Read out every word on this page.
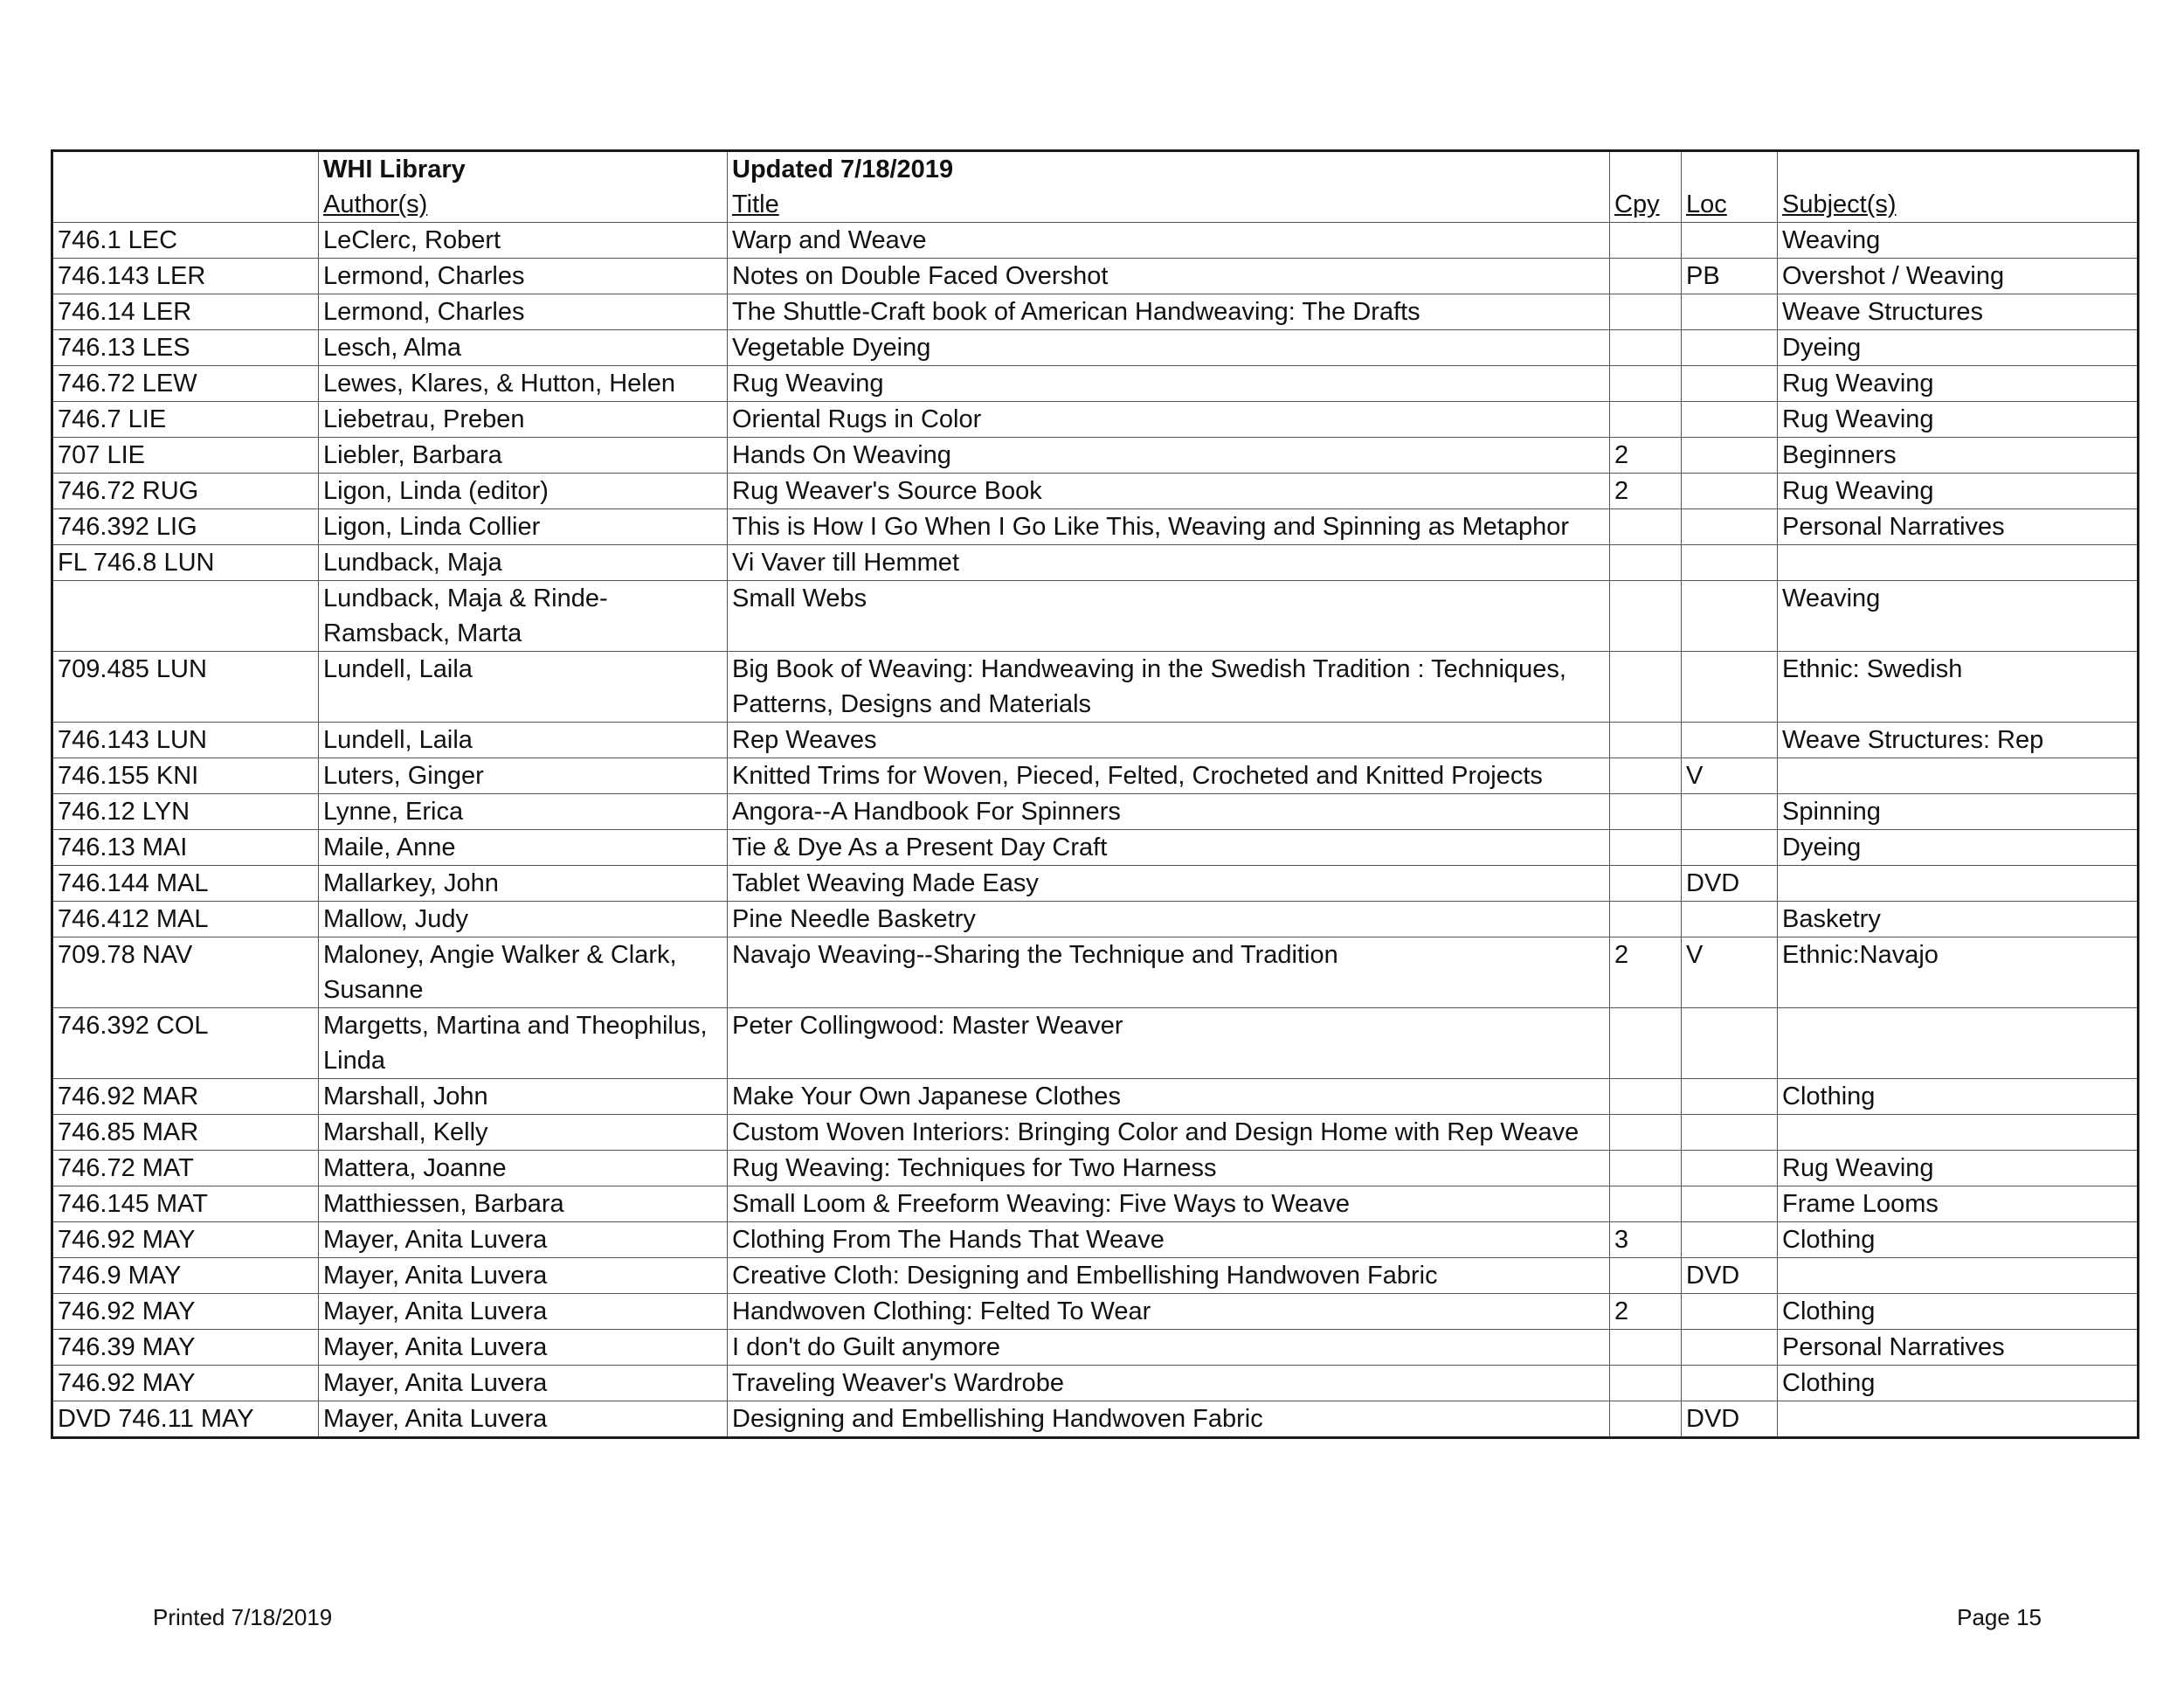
	WHI Library	Updated 7/18/2019			
	Author(s)	Title	Cpy	Loc	Subject(s)
746.1 LEC	LeClerc, Robert	Warp and Weave			Weaving
746.143 LER	Lermond, Charles	Notes on Double Faced Overshot		PB	Overshot / Weaving
746.14 LER	Lermond, Charles	The Shuttle-Craft book of American Handweaving: The Drafts			Weave Structures
746.13 LES	Lesch, Alma	Vegetable Dyeing			Dyeing
746.72 LEW	Lewes, Klares, & Hutton, Helen	Rug Weaving			Rug Weaving
746.7 LIE	Liebetrau, Preben	Oriental Rugs in Color			Rug Weaving
707 LIE	Liebler, Barbara	Hands On Weaving	2		Beginners
746.72 RUG	Ligon, Linda (editor)	Rug Weaver's Source Book	2		Rug Weaving
746.392 LIG	Ligon, Linda Collier	This is How I Go When I Go Like This, Weaving and Spinning as Metaphor			Personal Narratives
FL 746.8 LUN	Lundback, Maja	Vi Vaver till Hemmet			
	Lundback, Maja & Rinde-Ramsback, Marta	Small Webs			Weaving
709.485 LUN	Lundell, Laila	Big Book of Weaving: Handweaving in the Swedish Tradition : Techniques, Patterns, Designs and Materials			Ethnic: Swedish
746.143 LUN	Lundell, Laila	Rep Weaves			Weave Structures: Rep
746.155 KNI	Luters, Ginger	Knitted Trims for Woven, Pieced, Felted, Crocheted and Knitted Projects		V	
746.12 LYN	Lynne, Erica	Angora--A Handbook For Spinners			Spinning
746.13 MAI	Maile, Anne	Tie & Dye As a Present Day Craft			Dyeing
746.144 MAL	Mallarkey, John	Tablet Weaving Made Easy		DVD	
746.412 MAL	Mallow, Judy	Pine Needle Basketry			Basketry
709.78 NAV	Maloney, Angie Walker & Clark, Susanne	Navajo Weaving--Sharing the Technique and Tradition	2	V	Ethnic:Navajo
746.392 COL	Margetts, Martina and Theophilus, Linda	Peter Collingwood: Master Weaver			
746.92 MAR	Marshall, John	Make Your Own Japanese Clothes			Clothing
746.85 MAR	Marshall, Kelly	Custom Woven Interiors: Bringing Color and Design Home with Rep Weave			
746.72 MAT	Mattera, Joanne	Rug Weaving: Techniques for Two Harness			Rug Weaving
746.145 MAT	Matthiessen, Barbara	Small Loom & Freeform Weaving: Five Ways to Weave			Frame Looms
746.92 MAY	Mayer, Anita Luvera	Clothing From The Hands That Weave	3		Clothing
746.9 MAY	Mayer, Anita Luvera	Creative Cloth: Designing and Embellishing Handwoven Fabric		DVD	
746.92 MAY	Mayer, Anita Luvera	Handwoven Clothing: Felted To Wear	2		Clothing
746.39 MAY	Mayer, Anita Luvera	I don't do Guilt anymore			Personal Narratives
746.92 MAY	Mayer, Anita Luvera	Traveling Weaver's Wardrobe			Clothing
DVD 746.11 MAY	Mayer, Anita Luvera	Designing and Embellishing Handwoven Fabric		DVD	
Printed 7/18/2019	Page 15
